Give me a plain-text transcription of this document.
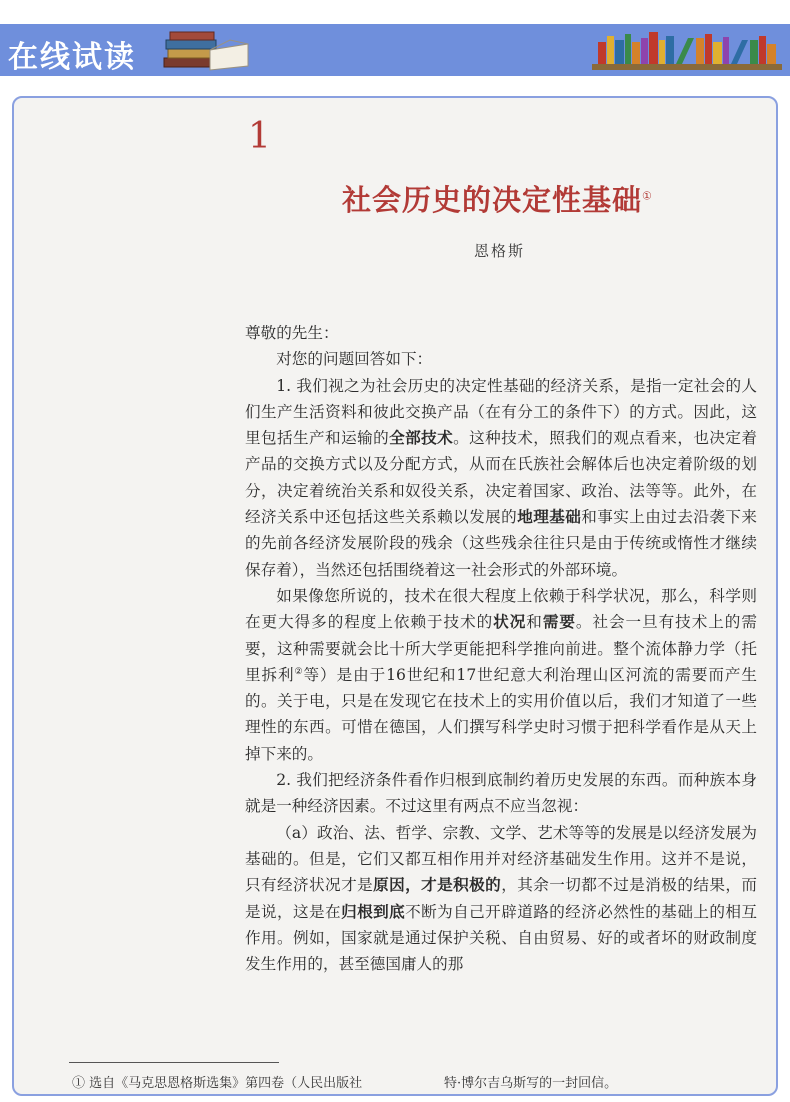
在线试读
1
社会历史的决定性基础①
恩格斯

尊敬的先生：

对您的问题回答如下：

1. 我们视之为社会历史的决定性基础的经济关系，是指一定社会的人们生产生活资料和彼此交换产品（在有分工的条件下）的方式。因此，这里包括生产和运输的全部技术。这种技术，照我们的观点看来，也决定着产品的交换方式以及分配方式，从而在氏族社会解体后也决定着阶级的划分，决定着统治关系和奴役关系，决定着国家、政治、法等等。此外，在经济关系中还包括这些关系赖以发展的地理基础和事实上由过去沿袭下来的先前各经济发展阶段的残余（这些残余往往只是由于传统或惰性才继续保存着），当然还包括围绕着这一社会形式的外部环境。

如果像您所说的，技术在很大程度上依赖于科学状况，那么，科学则在更大得多的程度上依赖于技术的状况和需要。社会一旦有技术上的需要，这种需要就会比十所大学更能把科学推向前进。整个流体静力学（托里拆利②等）是由于16世纪和17世纪意大利治理山区河流的需要而产生的。关于电，只是在发现它在技术上的实用价值以后，我们才知道了一些理性的东西。可惜在德国，人们撰写科学史时习惯于把科学看作是从天上掉下来的。

2. 我们把经济条件看作归根到底制约着历史发展的东西。而种族本身就是一种经济因素。不过这里有两点不应当忽视：

（a）政治、法、哲学、宗教、文学、艺术等等的发展是以经济发展为基础的。但是，它们又都互相作用并对经济基础发生作用。这并不是说，只有经济状况才是原因，才是积极的，其余一切都不过是消极的结果，而是说，这是在归根到底不断为自己开辟道路的经济必然性的基础上的相互作用。例如，国家就是通过保护关税、自由贸易、好的或者坏的财政制度发生作用的，甚至德国庸人的那

① 选自《马克思恩格斯选集》第四卷（人民出版社	特·博尔吉乌斯写的一封回信。
